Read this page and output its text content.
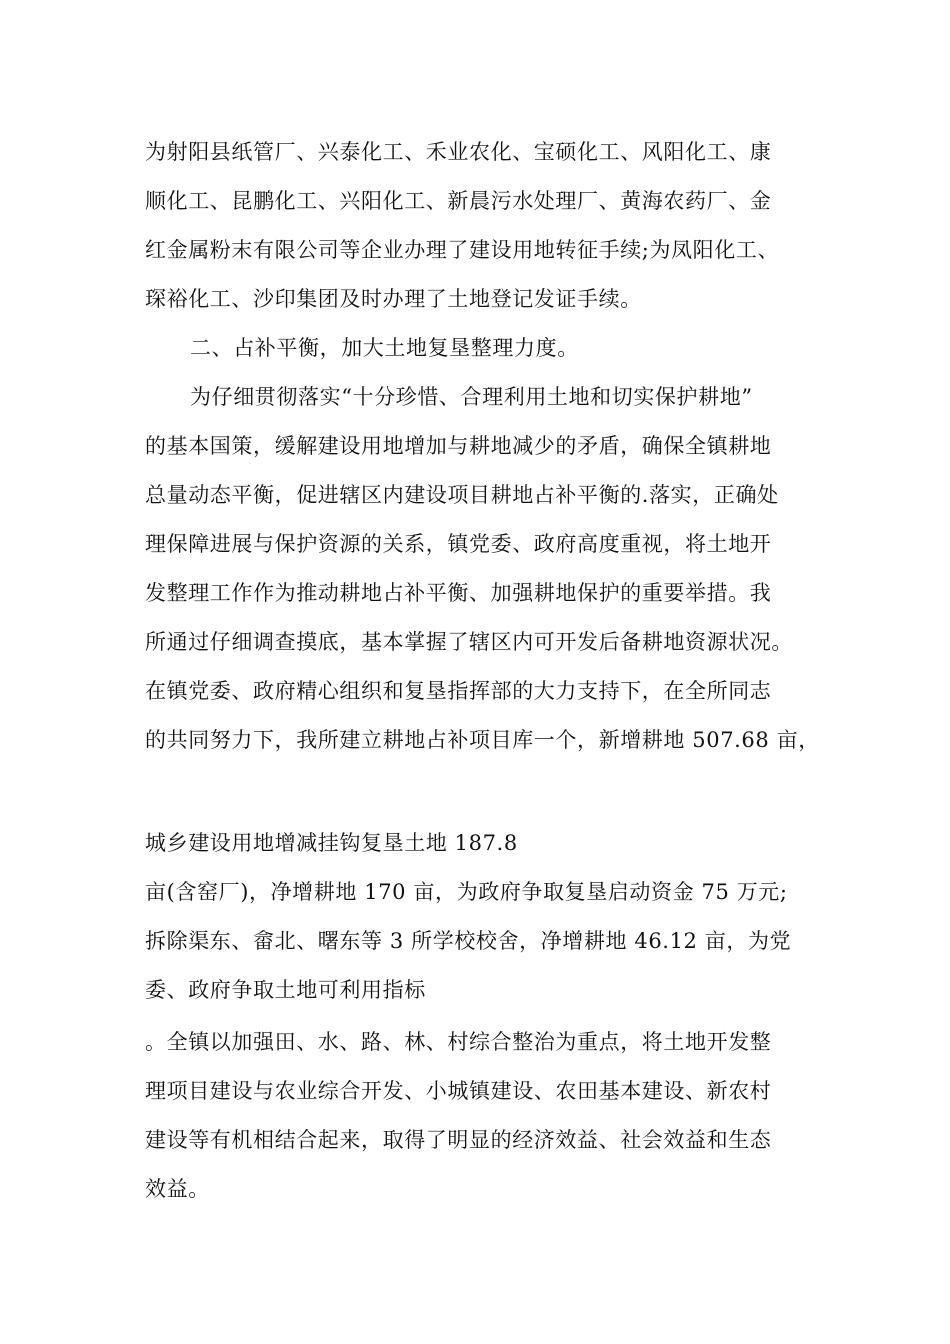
为射阳县纸管厂、兴泰化工、禾业农化、宝硕化工、风阳化工、康
顺化工、昆鹏化工、兴阳化工、新晨污水处理厂、黄海农药厂、金
红金属粉末有限公司等企业办理了建设用地转征手续;为凤阳化工、
琛裕化工、沙印集团及时办理了土地登记发证手续。
二、占补平衡，加大土地复垦整理力度。
为仔细贯彻落实“十分珍惜、合理利用土地和切实保护耕地”
的基本国策，缓解建设用地增加与耕地减少的矛盾，确保全镇耕地
总量动态平衡，促进辖区内建设项目耕地占补平衡的.落实，正确处
理保障进展与保护资源的关系，镇党委、政府高度重视，将土地开
发整理工作作为推动耕地占补平衡、加强耕地保护的重要举措。我
所通过仔细调查摸底，基本掌握了辖区内可开发后备耕地资源状况。
在镇党委、政府精心组织和复垦指挥部的大力支持下，在全所同志
的共同努力下，我所建立耕地占补项目库一个，新增耕地 507.68 亩，
城乡建设用地增减挂钩复垦土地 187.8
亩(含窑厂)，净增耕地 170 亩，为政府争取复垦启动资金 75 万元;
拆除渠东、畲北、曙东等 3 所学校校舍，净增耕地 46.12 亩，为党
委、政府争取土地可利用指标
。全镇以加强田、水、路、林、村综合整治为重点，将土地开发整
理项目建设与农业综合开发、小城镇建设、农田基本建设、新农村
建设等有机相结合起来，取得了明显的经济效益、社会效益和生态
效益。
